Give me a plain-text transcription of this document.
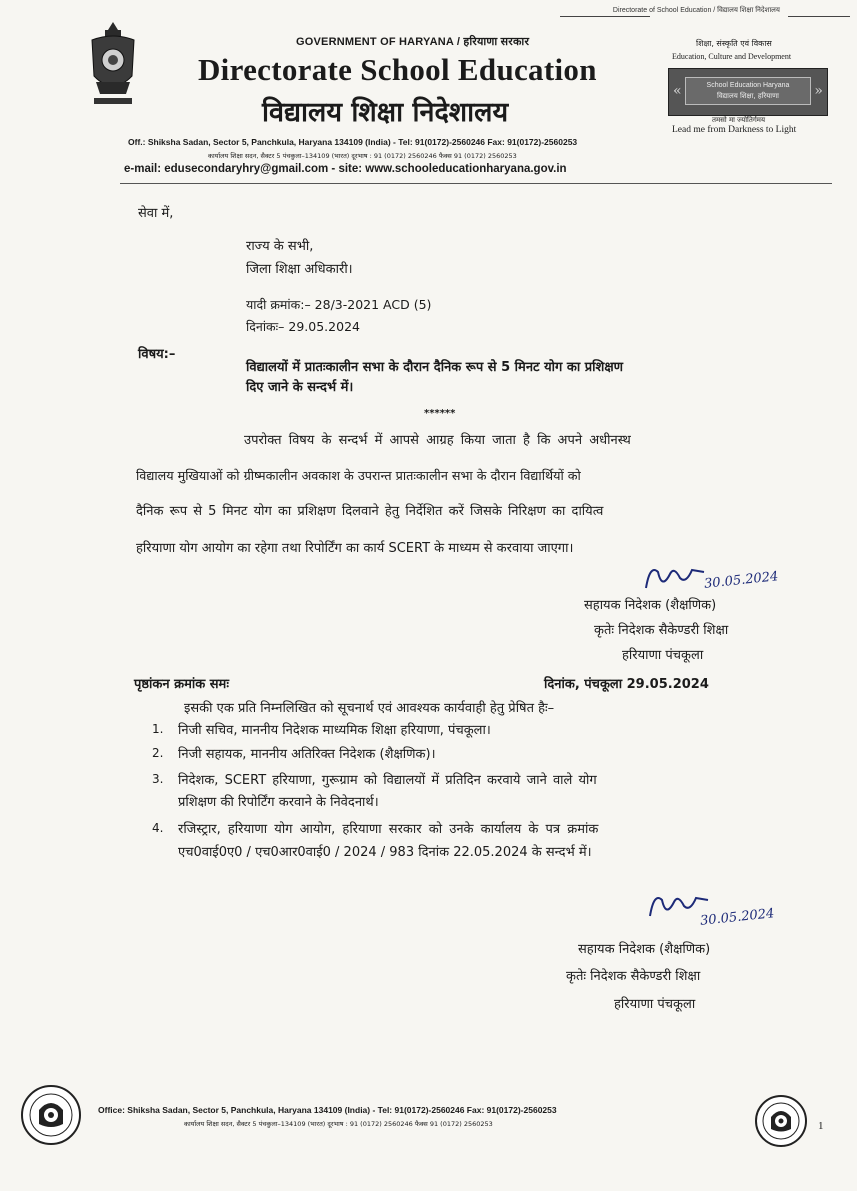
Directorate of School Education / विद्यालय शिक्षा निदेशालय
GOVERNMENT OF HARYANA / हरियाणा सरकार
Directorate School Education
विद्यालय शिक्षा निदेशालय
शिक्षा, संस्कृति एवं विकास
Education, Culture and Development
«	School Education Haryana
विद्यालय शिक्षा, हरियाणा	»
तमसो मा ज्योतिर्गमय
Lead me from Darkness to Light
Off.: Shiksha Sadan, Sector 5, Panchkula, Haryana 134109 (India) - Tel: 91(0172)-2560246 Fax: 91(0172)-2560253
कार्यालय शिक्षा सदन, सैक्टर 5 पंचकुला–134109 (भारत) दूरभाष : 91 (0172) 2560246 फैक्स 91 (0172) 2560253
e-mail: edusecondaryhry@gmail.com - site: www.schooleducationharyana.gov.in
सेवा में,
राज्य के सभी,
जिला शिक्षा अधिकारी।
यादी क्रमांक:– 28/3-2021 ACD (5)
दिनांकः– 29.05.2024
विषय:–
विद्यालयों में प्रातःकालीन सभा के दौरान दैनिक रूप से 5 मिनट योग का प्रशिक्षण
दिए जाने के सन्दर्भ में।
******
उपरोक्त विषय के सन्दर्भ में आपसे आग्रह किया जाता है कि अपने अधीनस्थ
विद्यालय मुखियाओं को ग्रीष्मकालीन अवकाश के उपरान्त प्रातःकालीन सभा के दौरान विद्यार्थियों को
दैनिक रूप से 5 मिनट योग का प्रशिक्षण दिलवाने हेतु निर्देशित करें जिसके निरिक्षण का दायित्व
हरियाणा योग आयोग का रहेगा तथा रिपोर्टिंग का कार्य SCERT के माध्यम से करवाया जाएगा।
30.05.2024
सहायक निदेशक (शैक्षणिक)
कृतेः निदेशक सैकेण्डरी शिक्षा
हरियाणा पंचकूला
पृष्ठांकन क्रमांक समः	दिनांक, पंचकूला 29.05.2024
इसकी एक प्रति निम्नलिखित को सूचनार्थ एवं आवश्यक कार्यवाही हेतु प्रेषित हैः–
1. निजी सचिव, माननीय निदेशक माध्यमिक शिक्षा हरियाणा, पंचकूला।
2. निजी सहायक, माननीय अतिरिक्त निदेशक (शैक्षणिक)।
3. निदेशक, SCERT हरियाणा, गुरूग्राम को विद्यालयों में प्रतिदिन करवाये जाने वाले योग
प्रशिक्षण की रिपोर्टिंग करवाने के निवेदनार्थ।
4. रजिस्ट्रार, हरियाणा योग आयोग, हरियाणा सरकार को उनके कार्यालय के पत्र क्रमांक
एच0वाई0ए0 / एच0आर0वाई0 / 2024 / 983 दिनांक 22.05.2024 के सन्दर्भ में।
30.05.2024
सहायक निदेशक (शैक्षणिक)
कृतेः निदेशक सैकेण्डरी शिक्षा
हरियाणा पंचकूला
Office: Shiksha Sadan, Sector 5, Panchkula, Haryana 134109 (India) - Tel: 91(0172)-2560246 Fax: 91(0172)-2560253
कार्यालय शिक्षा सदन, सैक्टर 5 पंचकुला–134109 (भारत) दूरभाष : 91 (0172) 2560246 फैक्स 91 (0172) 2560253	1
